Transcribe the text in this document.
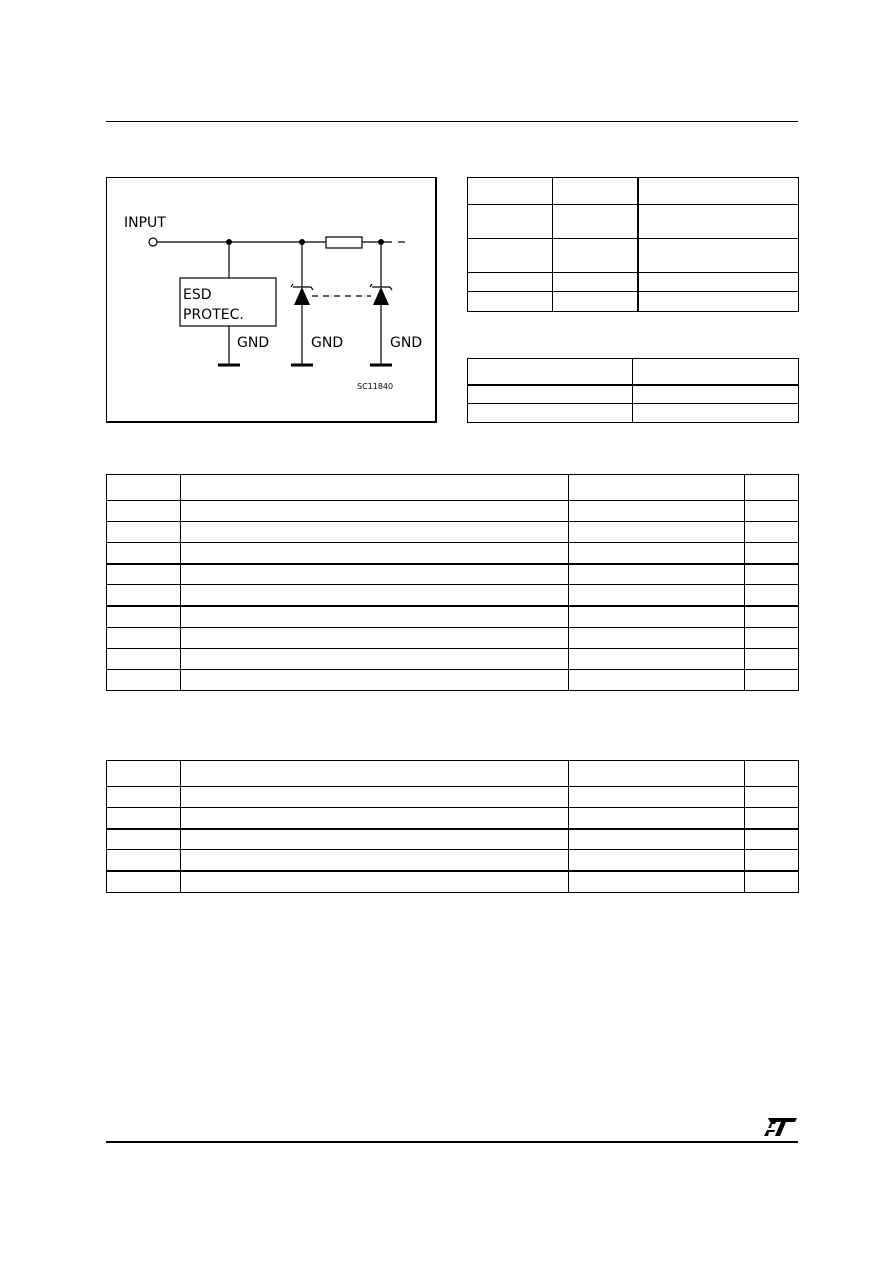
INPUT
ESD
PROTEC.
GND	GND	GND
SC11840
